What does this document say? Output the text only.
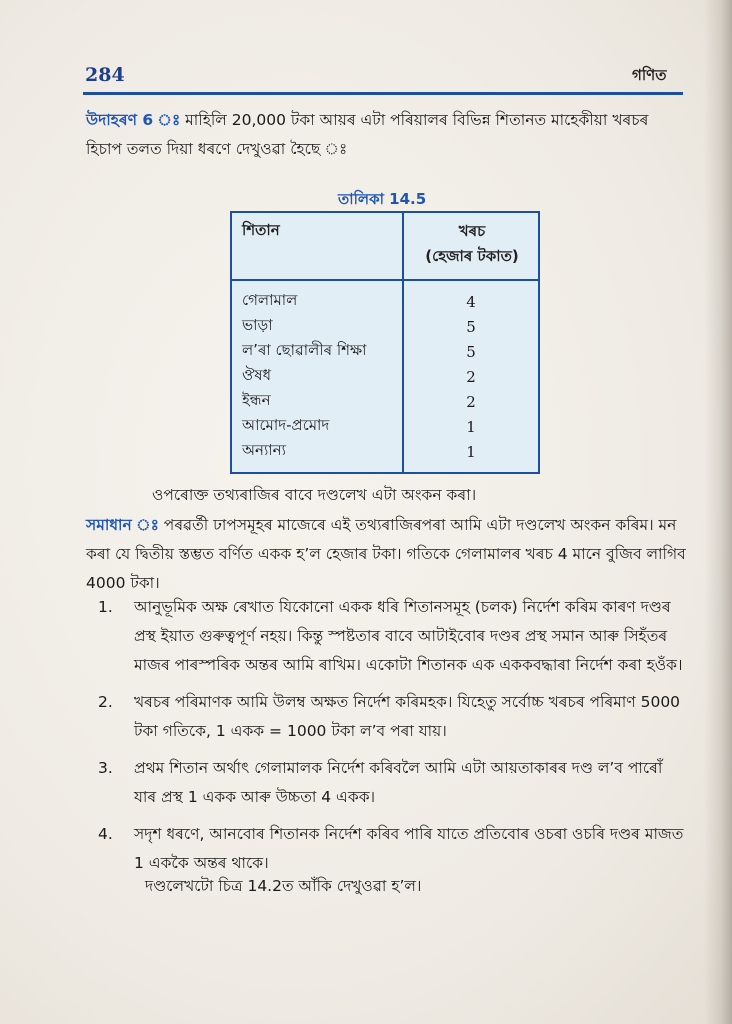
284	গণিত

উদাহৰণ 6 ঃ মাহিলি 20,000 টকা আয়ৰ এটা পৰিয়ালৰ বিভিন্ন শিতানত মাহেকীয়া খৰচৰ হিচাপ তলত দিয়া ধৰণে দেখুওৱা হৈছে ঃ

তালিকা 14.5
শিতান	খৰচ
(হেজাৰ টকাত)

গেলামাল	4
ভাড়া	5
ল’ৰা ছোৱালীৰ শিক্ষা	5
ঔষধ	2
ইন্ধন	2
আমোদ-প্ৰমোদ	1
অন্যান্য	1

ওপৰোক্ত তথ্যৰাজিৰ বাবে দণ্ডলেখ এটা অংকন কৰা।

সমাধান ঃ পৰৱৰ্তী ঢাপসমূহৰ মাজেৰে এই তথ্যৰাজিৰপৰা আমি এটা দণ্ডলেখ অংকন কৰিম। মন কৰা যে দ্বিতীয় স্তম্ভত বৰ্ণিত একক হ’ল হেজাৰ টকা। গতিকে গেলামালৰ খৰচ 4 মানে বুজিব লাগিব 4000 টকা।

1. আনুভূমিক অক্ষ ৰেখাত যিকোনো একক ধৰি শিতানসমূহ (চলক) নিৰ্দেশ কৰিম কাৰণ দণ্ডৰ প্ৰস্থ ইয়াত গুৰুত্বপূৰ্ণ নহয়। কিন্তু স্পষ্টতাৰ বাবে আটাইবোৰ দণ্ডৰ প্ৰস্থ সমান আৰু সিহঁতৰ মাজৰ পাৰস্পৰিক অন্তৰ আমি ৰাখিম। একোটা শিতানক এক এককবদ্ধাৰা নিৰ্দেশ কৰা হওঁক।
2. খৰচৰ পৰিমাণক আমি উলম্ব অক্ষত নিৰ্দেশ কৰিমহক। যিহেতু সৰ্বোচ্চ খৰচৰ পৰিমাণ 5000 টকা গতিকে, 1 একক = 1000 টকা ল’ব পৰা যায়।
3. প্ৰথম শিতান অৰ্থাৎ গেলামালক নিৰ্দেশ কৰিবলৈ আমি এটা আয়তাকাৰৰ দণ্ড ল’ব পাৰোঁ যাৰ প্ৰস্থ 1 একক আৰু উচ্চতা 4 একক।
4. সদৃশ ধৰণে, আনবোৰ শিতানক নিৰ্দেশ কৰিব পাৰি যাতে প্ৰতিবোৰ ওচৰা ওচৰি দণ্ডৰ মাজত 1 এককৈ অন্তৰ থাকে।

দণ্ডলেখটো চিত্ৰ 14.2ত আঁকি দেখুওৱা হ’ল।
